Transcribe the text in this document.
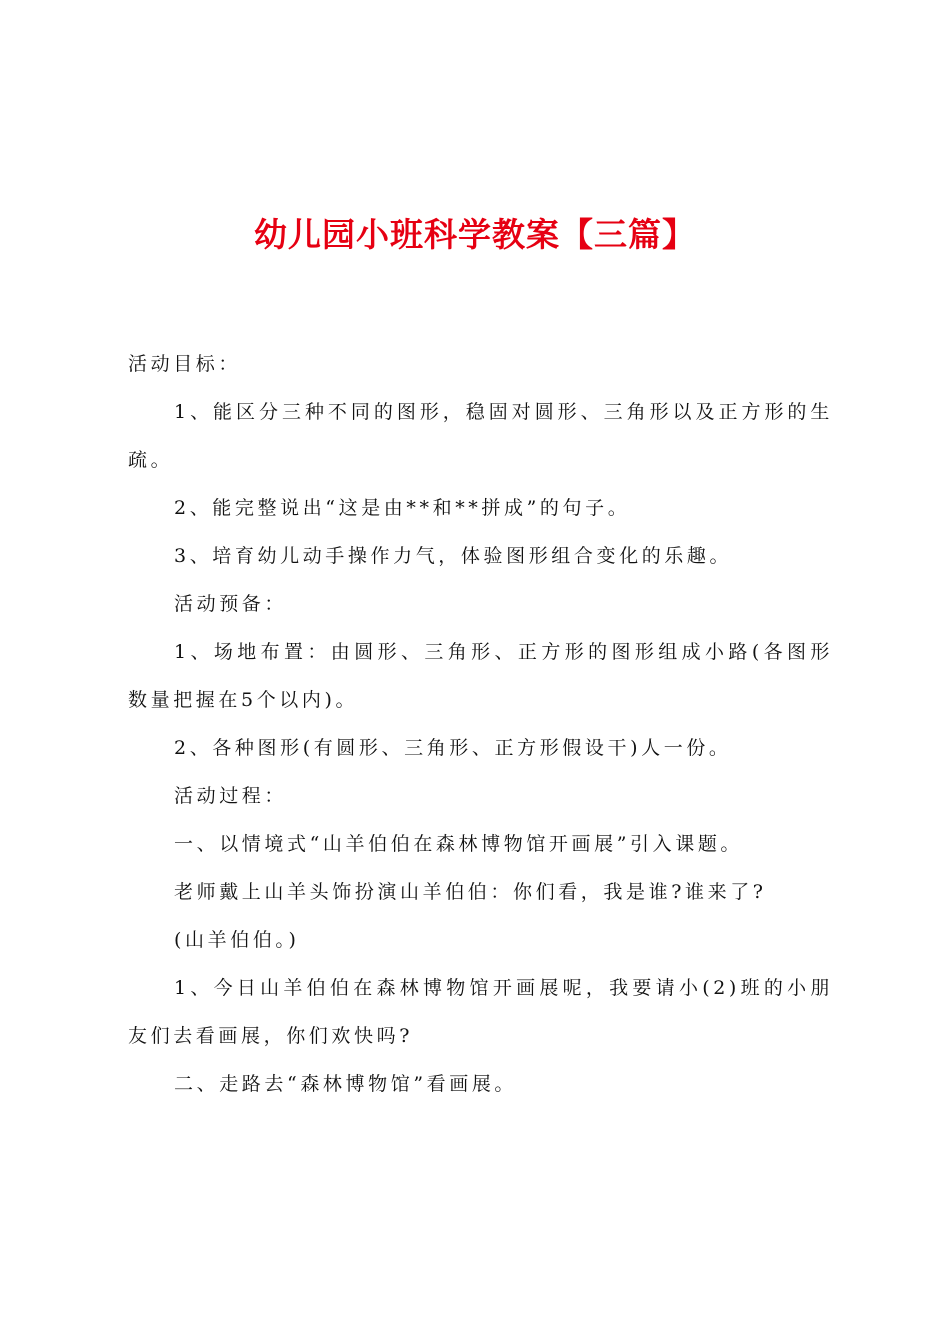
幼儿园小班科学教案【三篇】

活动目标：

1、能区分三种不同的图形，稳固对圆形、三角形以及正方形的生疏。

2、能完整说出“这是由**和**拼成”的句子。

3、培育幼儿动手操作力气，体验图形组合变化的乐趣。

活动预备：

1、场地布置：由圆形、三角形、正方形的图形组成小路(各图形数量把握在5个以内)。

2、各种图形(有圆形、三角形、正方形假设干)人一份。

活动过程：

一、以情境式“山羊伯伯在森林博物馆开画展”引入课题。

老师戴上山羊头饰扮演山羊伯伯：你们看，我是谁?谁来了?

(山羊伯伯。)

1、今日山羊伯伯在森林博物馆开画展呢，我要请小(2)班的小朋友们去看画展，你们欢快吗?

二、走路去“森林博物馆”看画展。
